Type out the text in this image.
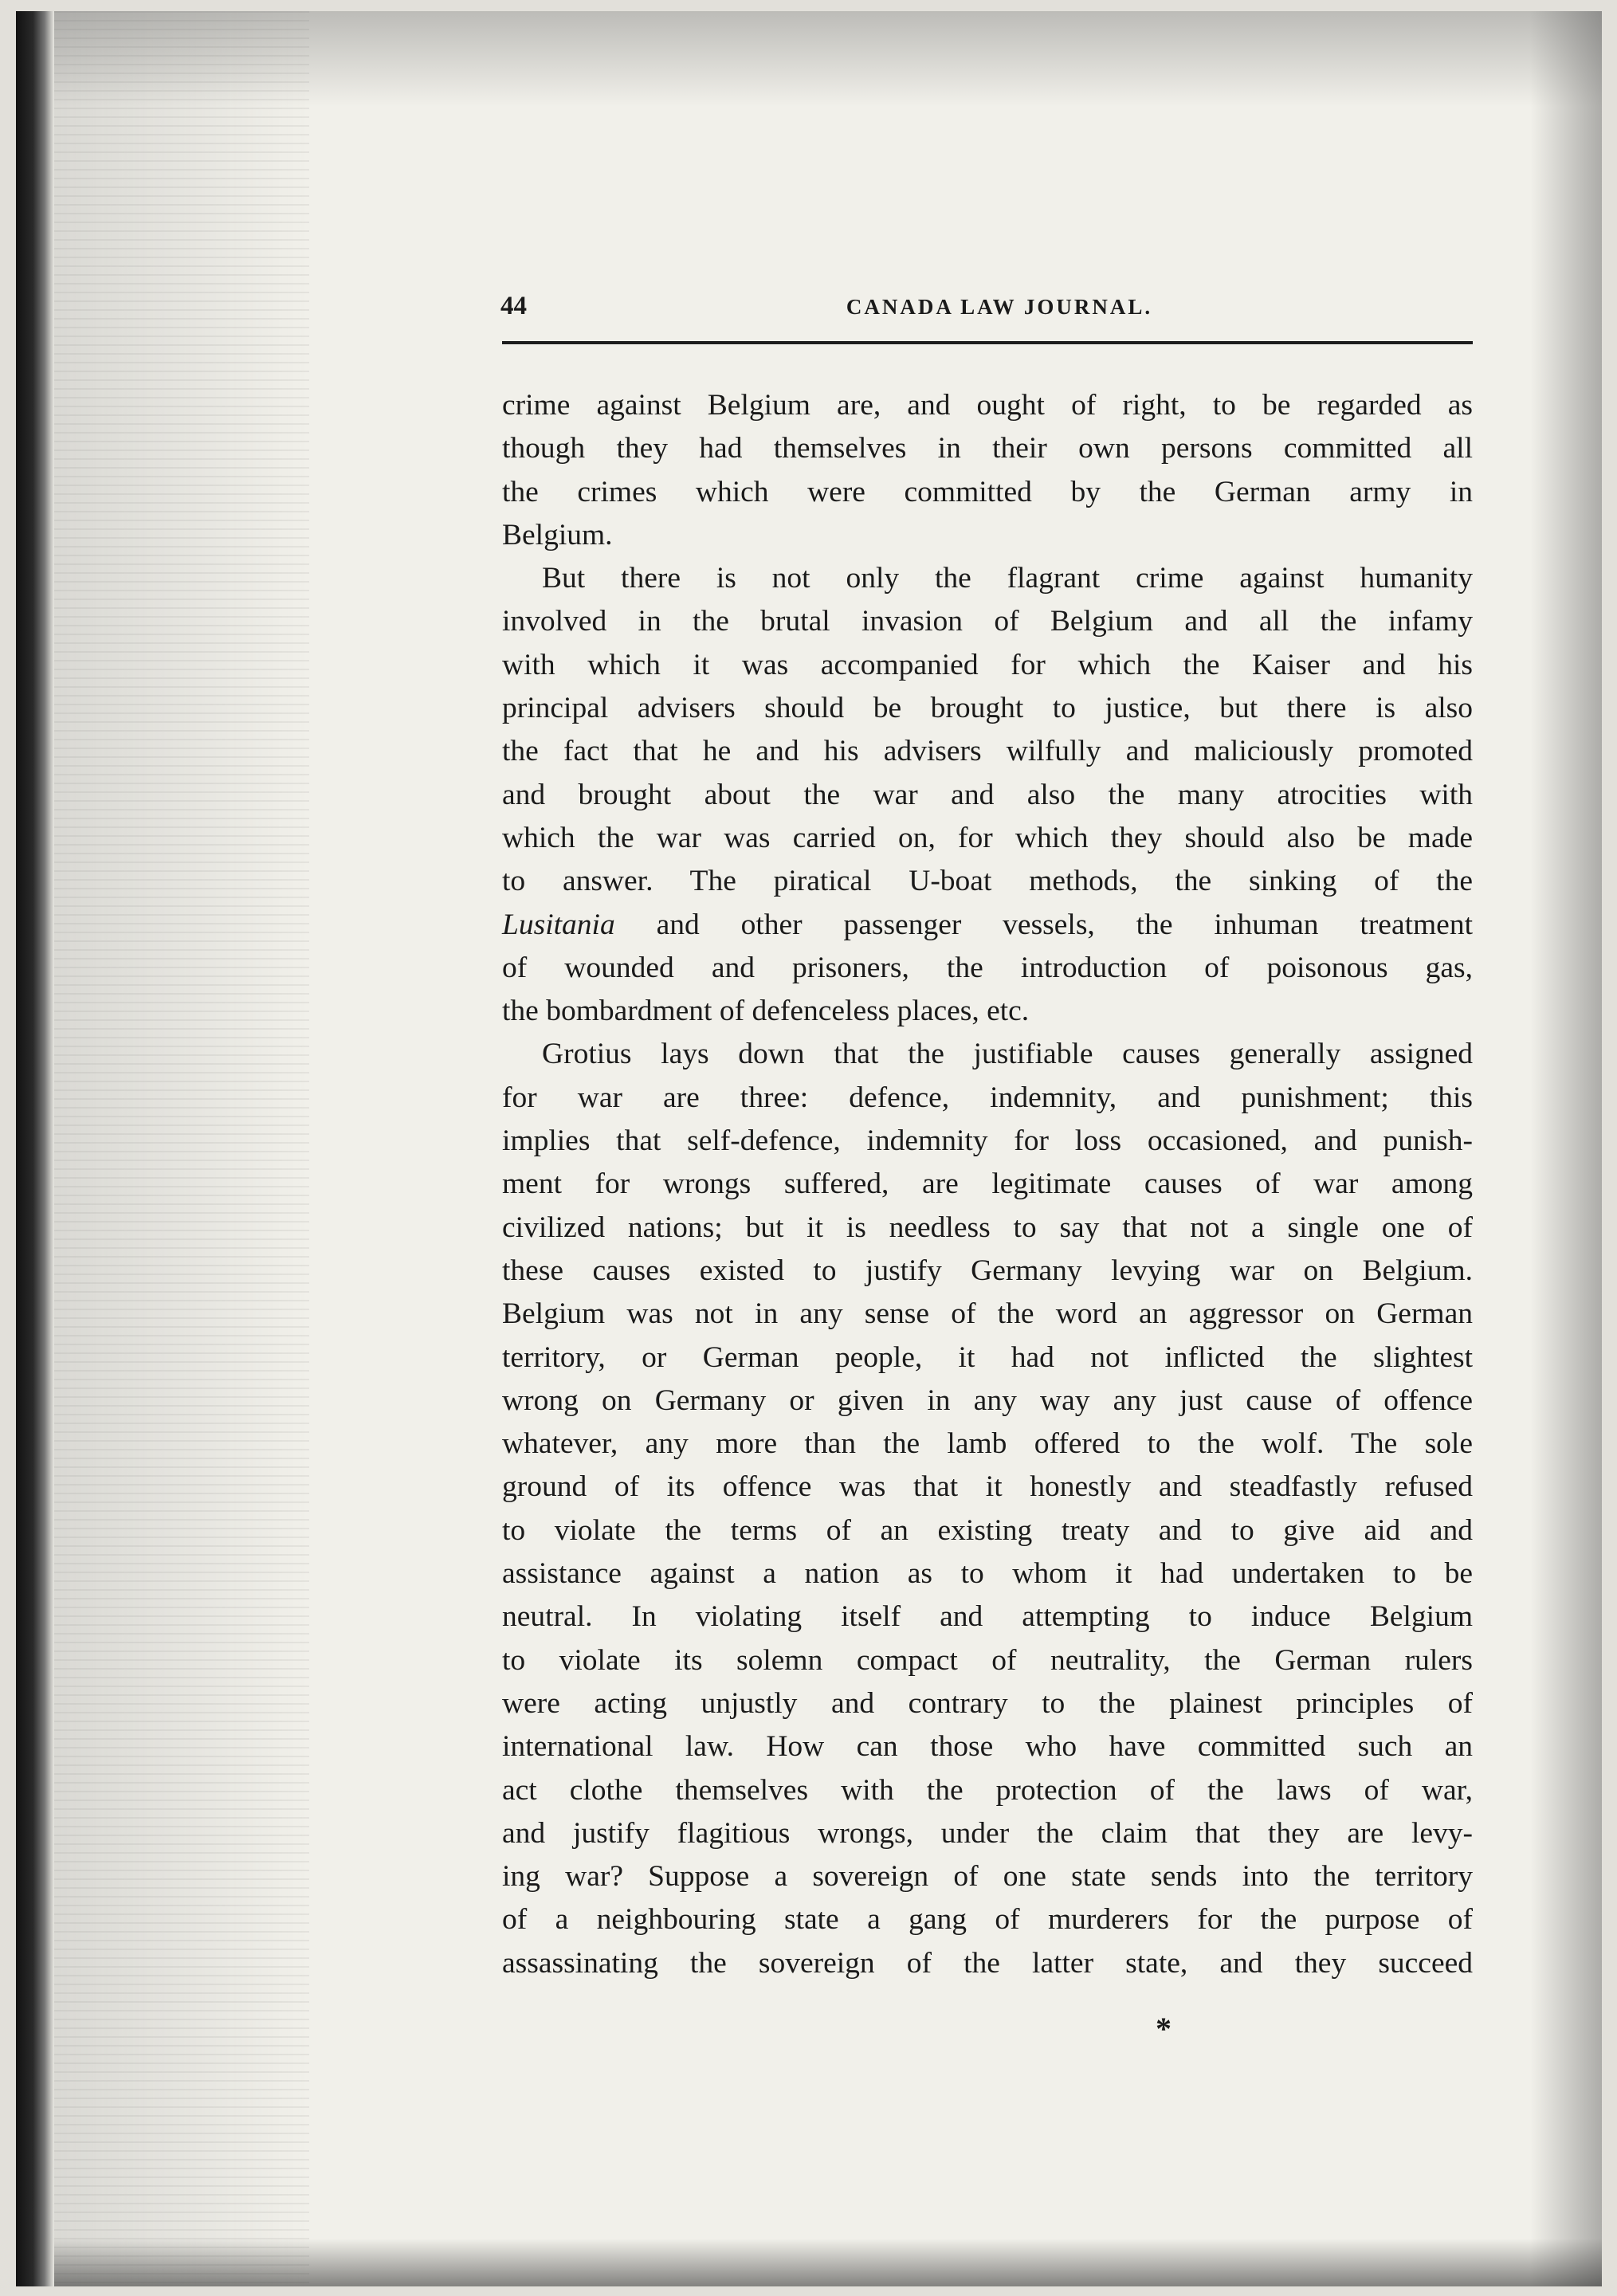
44	CANADA LAW JOURNAL.
crime against Belgium are, and ought of right, to be regarded as
though they had themselves in their own persons committed all
the crimes which were committed by the German army in
Belgium.
But there is not only the flagrant crime against humanity
involved in the brutal invasion of Belgium and all the infamy
with which it was accompanied for which the Kaiser and his
principal advisers should be brought to justice, but there is also
the fact that he and his advisers wilfully and maliciously promoted
and brought about the war and also the many atrocities with
which the war was carried on, for which they should also be made
to answer. The piratical U-boat methods, the sinking of the
Lusitania and other passenger vessels, the inhuman treatment
of wounded and prisoners, the introduction of poisonous gas,
the bombardment of defenceless places, etc.
Grotius lays down that the justifiable causes generally assigned
for war are three: defence, indemnity, and punishment; this
implies that self-defence, indemnity for loss occasioned, and punish-
ment for wrongs suffered, are legitimate causes of war among
civilized nations; but it is needless to say that not a single one of
these causes existed to justify Germany levying war on Belgium.
Belgium was not in any sense of the word an aggressor on German
territory, or German people, it had not inflicted the slightest
wrong on Germany or given in any way any just cause of offence
whatever, any more than the lamb offered to the wolf. The sole
ground of its offence was that it honestly and steadfastly refused
to violate the terms of an existing treaty and to give aid and
assistance against a nation as to whom it had undertaken to be
neutral. In violating itself and attempting to induce Belgium
to violate its solemn compact of neutrality, the German rulers
were acting unjustly and contrary to the plainest principles of
international law. How can those who have committed such an
act clothe themselves with the protection of the laws of war,
and justify flagitious wrongs, under the claim that they are levy-
ing war? Suppose a sovereign of one state sends into the territory
of a neighbouring state a gang of murderers for the purpose of
assassinating the sovereign of the latter state, and they succeed
*
